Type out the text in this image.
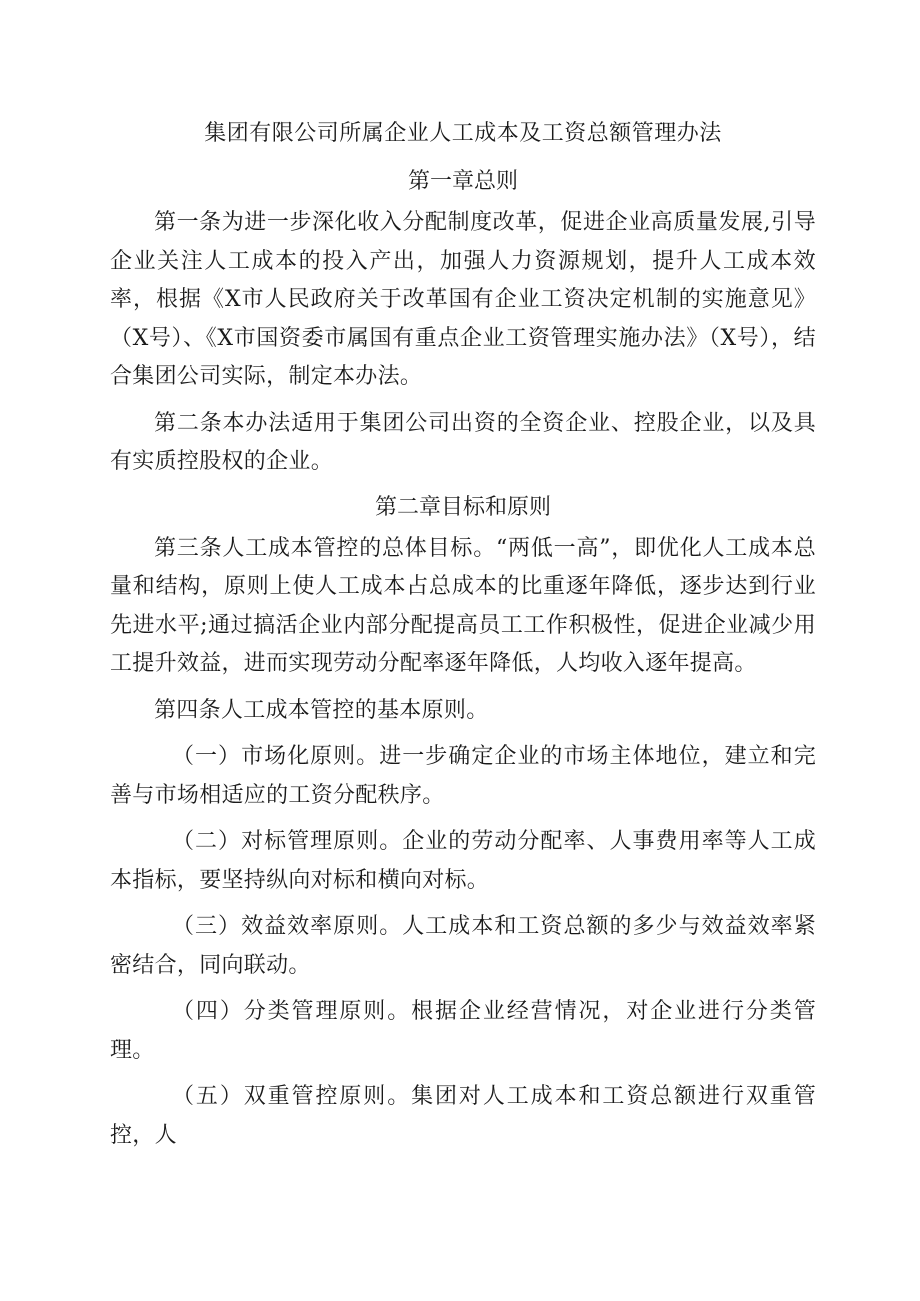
集团有限公司所属企业人工成本及工资总额管理办法
第一章总则

第一条为进一步深化收入分配制度改革，促进企业高质量发展,引导企业关注人工成本的投入产出，加强人力资源规划，提升人工成本效率，根据《X市人民政府关于改革国有企业工资决定机制的实施意见》（X号）、《X市国资委市属国有重点企业工资管理实施办法》（X号），结合集团公司实际，制定本办法。

第二条本办法适用于集团公司出资的全资企业、控股企业，以及具有实质控股权的企业。

第二章目标和原则

第三条人工成本管控的总体目标。“两低一高”，即优化人工成本总量和结构，原则上使人工成本占总成本的比重逐年降低，逐步达到行业先进水平;通过搞活企业内部分配提高员工工作积极性，促进企业减少用工提升效益，进而实现劳动分配率逐年降低，人均收入逐年提高。

第四条人工成本管控的基本原则。

（一）市场化原则。进一步确定企业的市场主体地位，建立和完善与市场相适应的工资分配秩序。

（二）对标管理原则。企业的劳动分配率、人事费用率等人工成本指标，要坚持纵向对标和横向对标。

（三）效益效率原则。人工成本和工资总额的多少与效益效率紧密结合，同向联动。

（四）分类管理原则。根据企业经营情况，对企业进行分类管理。

（五）双重管控原则。集团对人工成本和工资总额进行双重管控，人
